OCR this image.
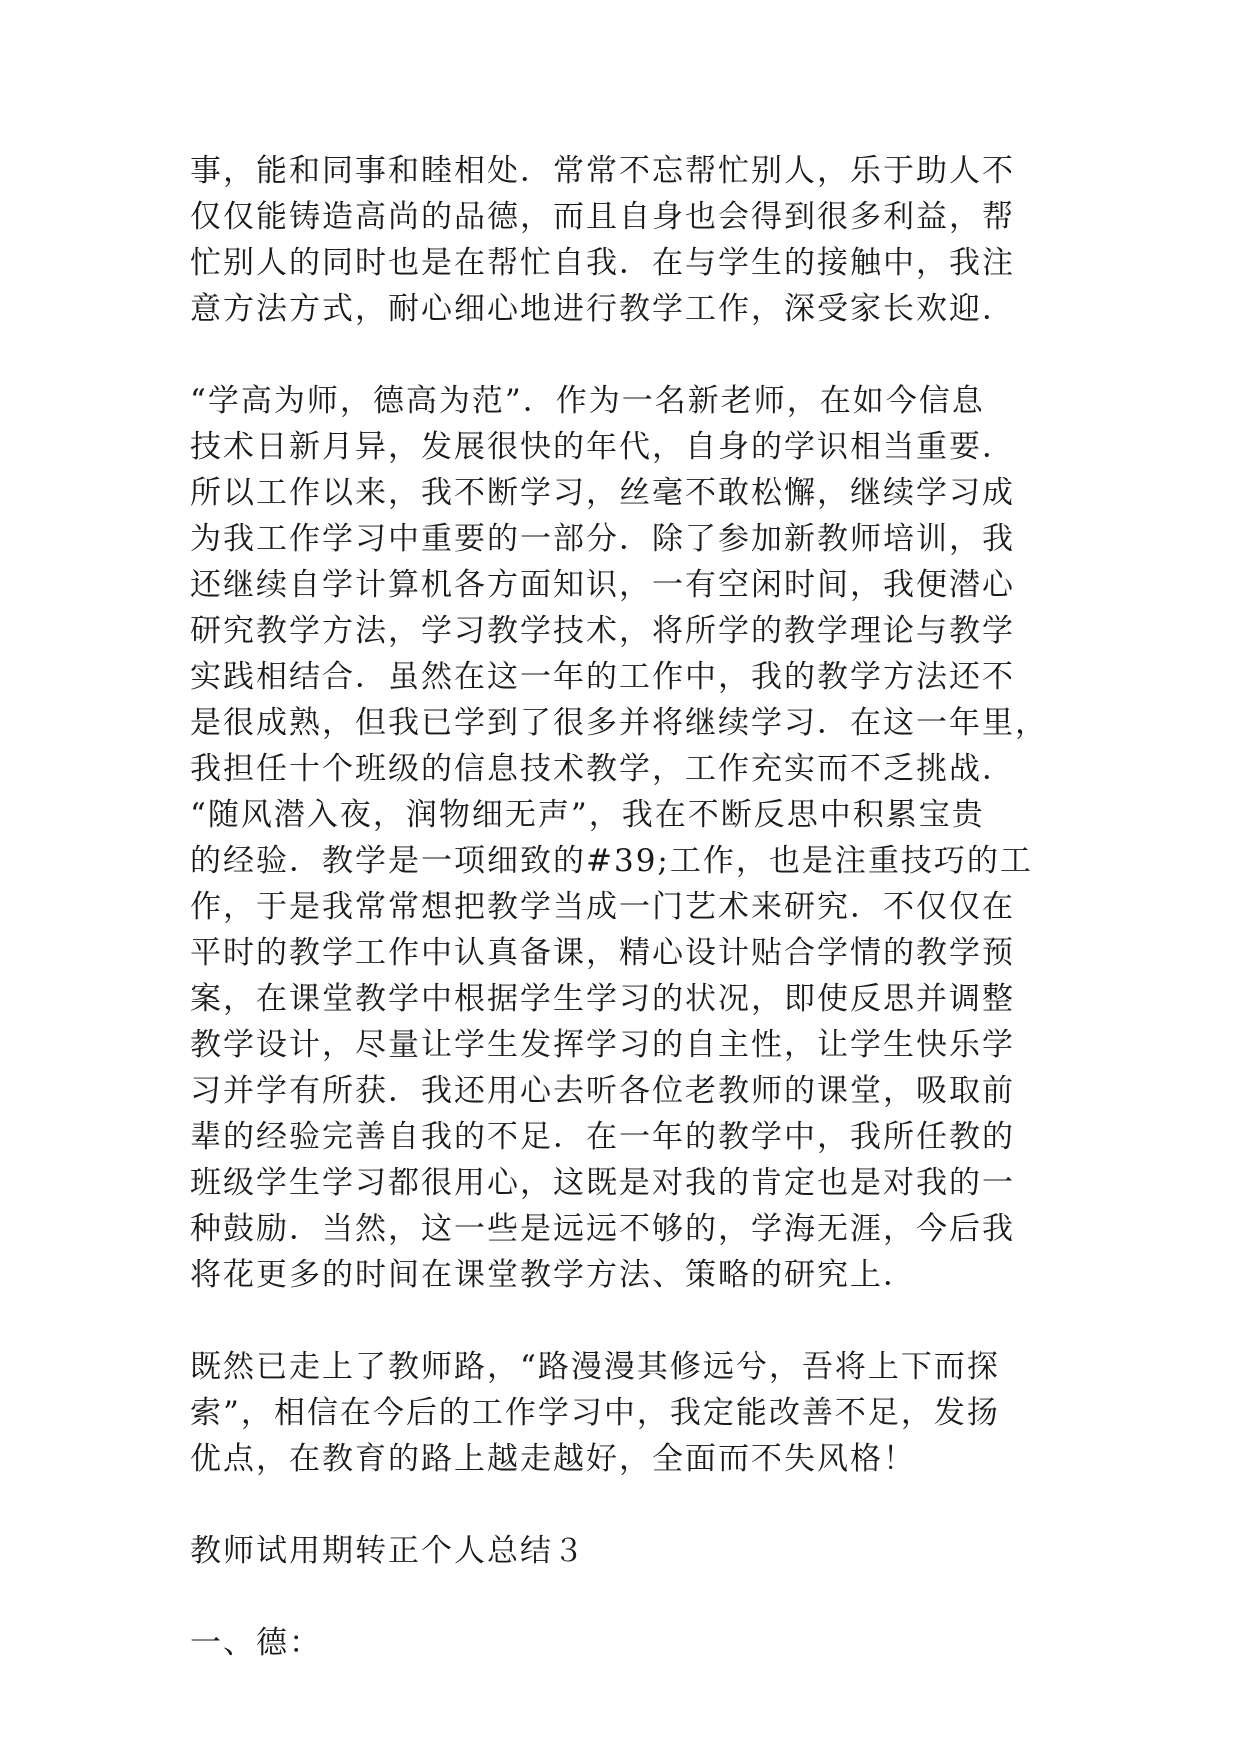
事，能和同事和睦相处．常常不忘帮忙别人，乐于助人不
仅仅能铸造高尚的品德，而且自身也会得到很多利益，帮
忙别人的同时也是在帮忙自我．在与学生的接触中，我注
意方法方式，耐心细心地进行教学工作，深受家长欢迎．
“学高为师，德高为范”．作为一名新老师，在如今信息
技术日新月异，发展很快的年代，自身的学识相当重要．
所以工作以来，我不断学习，丝毫不敢松懈，继续学习成
为我工作学习中重要的一部分．除了参加新教师培训，我
还继续自学计算机各方面知识，一有空闲时间，我便潜心
研究教学方法，学习教学技术，将所学的教学理论与教学
实践相结合．虽然在这一年的工作中，我的教学方法还不
是很成熟，但我已学到了很多并将继续学习．在这一年里，
我担任十个班级的信息技术教学，工作充实而不乏挑战．
“随风潜入夜，润物细无声”，我在不断反思中积累宝贵
的经验．教学是一项细致的#39;工作，也是注重技巧的工
作，于是我常常想把教学当成一门艺术来研究．不仅仅在
平时的教学工作中认真备课，精心设计贴合学情的教学预
案，在课堂教学中根据学生学习的状况，即使反思并调整
教学设计，尽量让学生发挥学习的自主性，让学生快乐学
习并学有所获．我还用心去听各位老教师的课堂，吸取前
辈的经验完善自我的不足．在一年的教学中，我所任教的
班级学生学习都很用心，这既是对我的肯定也是对我的一
种鼓励．当然，这一些是远远不够的，学海无涯，今后我
将花更多的时间在课堂教学方法、策略的研究上．
既然已走上了教师路，“路漫漫其修远兮，吾将上下而探
索”，相信在今后的工作学习中，我定能改善不足，发扬
优点，在教育的路上越走越好，全面而不失风格！
教师试用期转正个人总结３
一、德：
